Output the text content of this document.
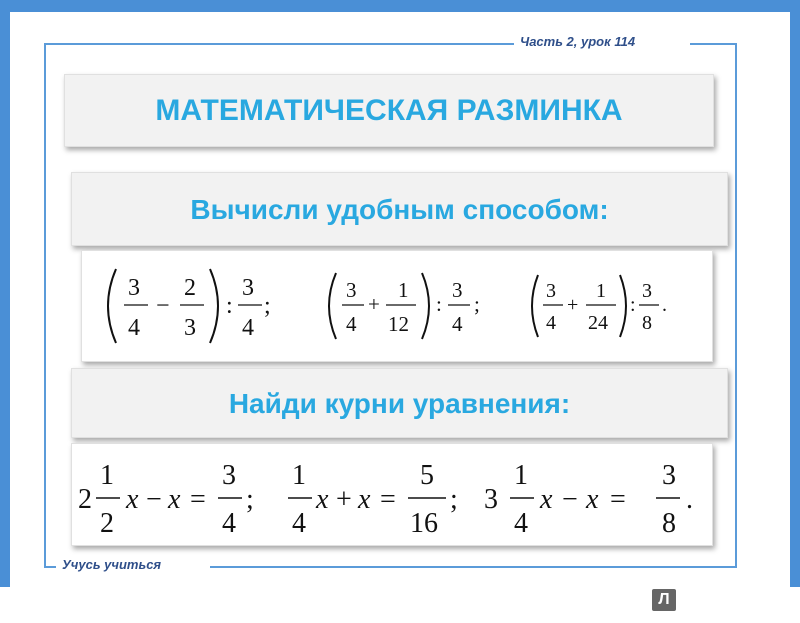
Часть 2, урок 114
МАТЕМАТИЧЕСКАЯ РАЗМИНКА
Вычисли удобным способом:
3
4
−
2
3
:
3
4
;
3
4
+
1
12
:
3
4
;
3
4
+
1
24
:
3
8
.
Найди курни уравнения:
2
1
2
x − x =
3
4
;
1
4
x + x =
5
16
; 3
1
4
x − x =
3
8
.
Учусь учиться
Л
